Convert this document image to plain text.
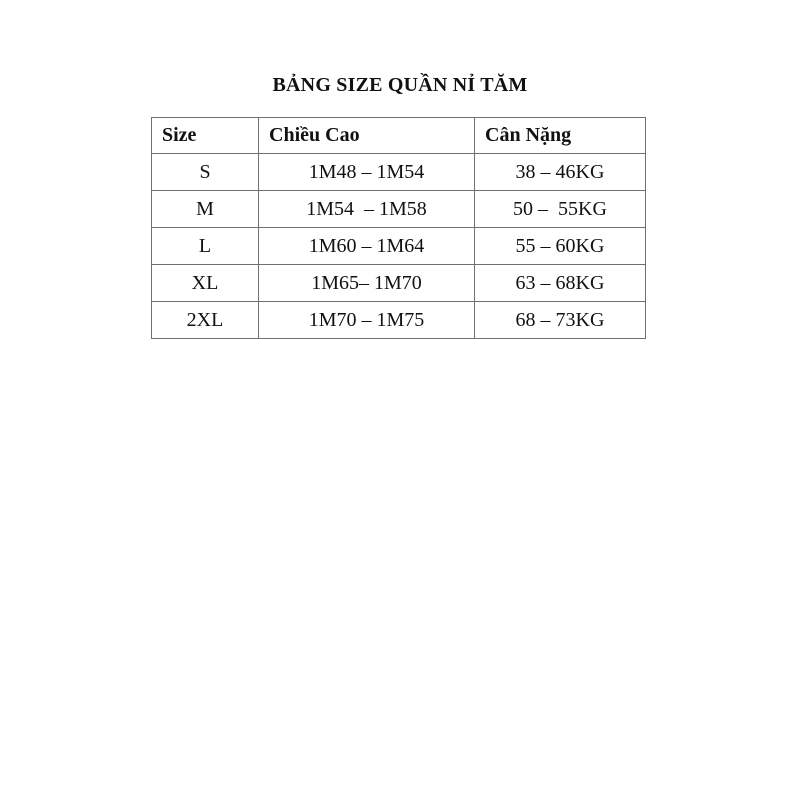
BẢNG SIZE QUẦN NỈ TĂM
Size	Chiều Cao	Cân Nặng
S	1M48 – 1M54	38 – 46KG
M	1M54  – 1M58	50 –  55KG
L	1M60 – 1M64	55 – 60KG
XL	1M65– 1M70	63 – 68KG
2XL	1M70 – 1M75	68 – 73KG
